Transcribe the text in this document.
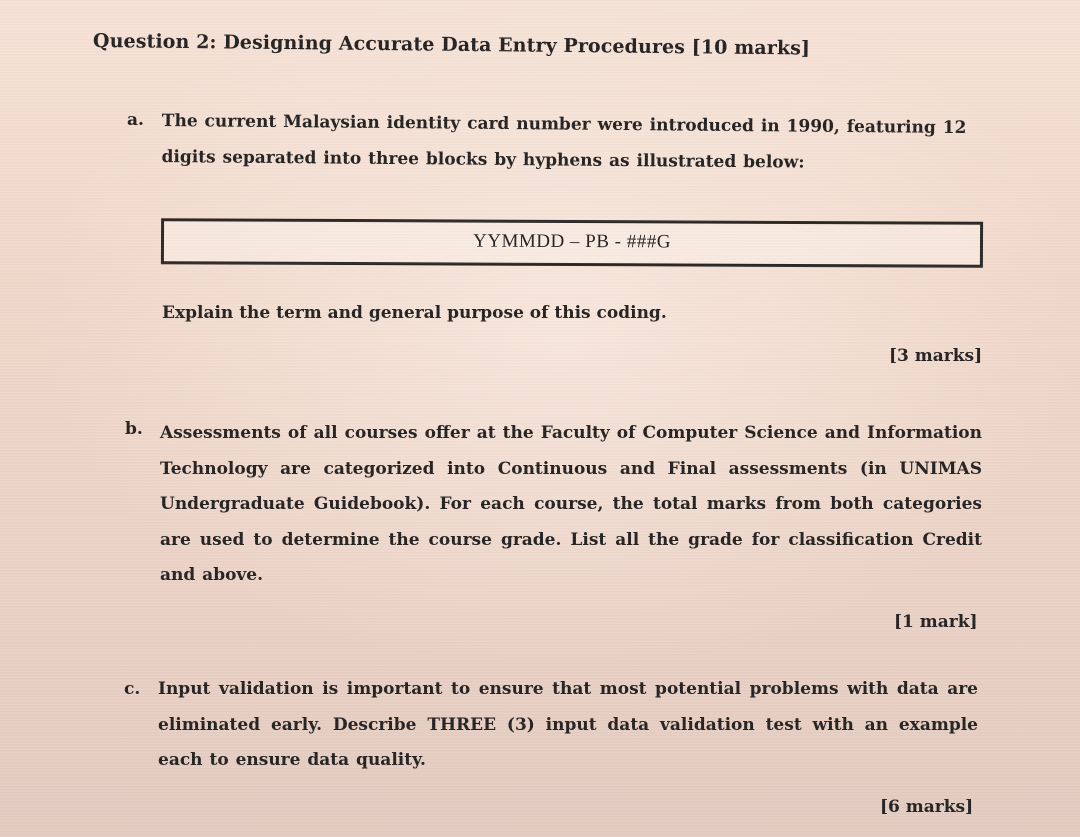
Question 2: Designing Accurate Data Entry Procedures [10 marks]
a. The current Malaysian identity card number were introduced in 1990, featuring 12 digits separated into three blocks by hyphens as illustrated below:
YYMMDD – PB - ###G
Explain the term and general purpose of this coding.
[3 marks]
b. Assessments of all courses offer at the Faculty of Computer Science and Information Technology are categorized into Continuous and Final assessments (in UNIMAS Undergraduate Guidebook). For each course, the total marks from both categories are used to determine the course grade. List all the grade for classification Credit and above.
[1 mark]
c. Input validation is important to ensure that most potential problems with data are eliminated early. Describe THREE (3) input data validation test with an example each to ensure data quality.
[6 marks]
